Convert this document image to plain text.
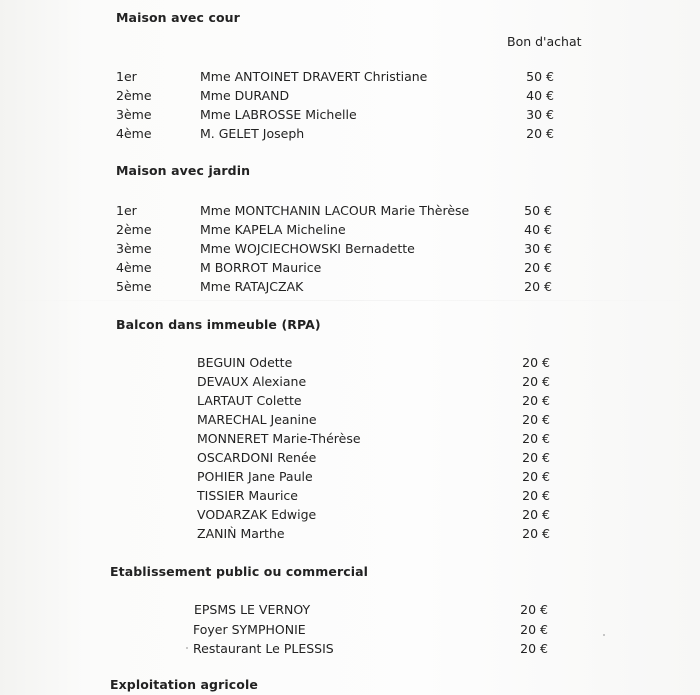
Maison avec cour
Bon d'achat
1er	Mme ANTOINET DRAVERT Christiane	50 €
2ème	Mme DURAND	40 €
3ème	Mme LABROSSE Michelle	30 €
4ème	M. GELET Joseph	20 €
Maison avec jardin
1er	Mme MONTCHANIN LACOUR Marie Thèrèse	50 €
2ème	Mme KAPELA Micheline	40 €
3ème	Mme WOJCIECHOWSKI Bernadette	30 €
4ème	M BORROT Maurice	20 €
5ème	Mme RATAJCZAK	20 €
Balcon dans immeuble (RPA)
BEGUIN Odette	20 €
DEVAUX Alexiane	20 €
LARTAUT Colette	20 €
MARECHAL Jeanine	20 €
MONNERET Marie-Thérèse	20 €
OSCARDONI Renée	20 €
POHIER Jane Paule	20 €
TISSIER Maurice	20 €
VODARZAK Edwige	20 €
ZANIǸ Marthe	20 €
Etablissement public ou commercial
EPSMS LE VERNOY	20 €
Foyer SYMPHONIE	20 €
Restaurant Le PLESSIS	20 €
Exploitation agricole
